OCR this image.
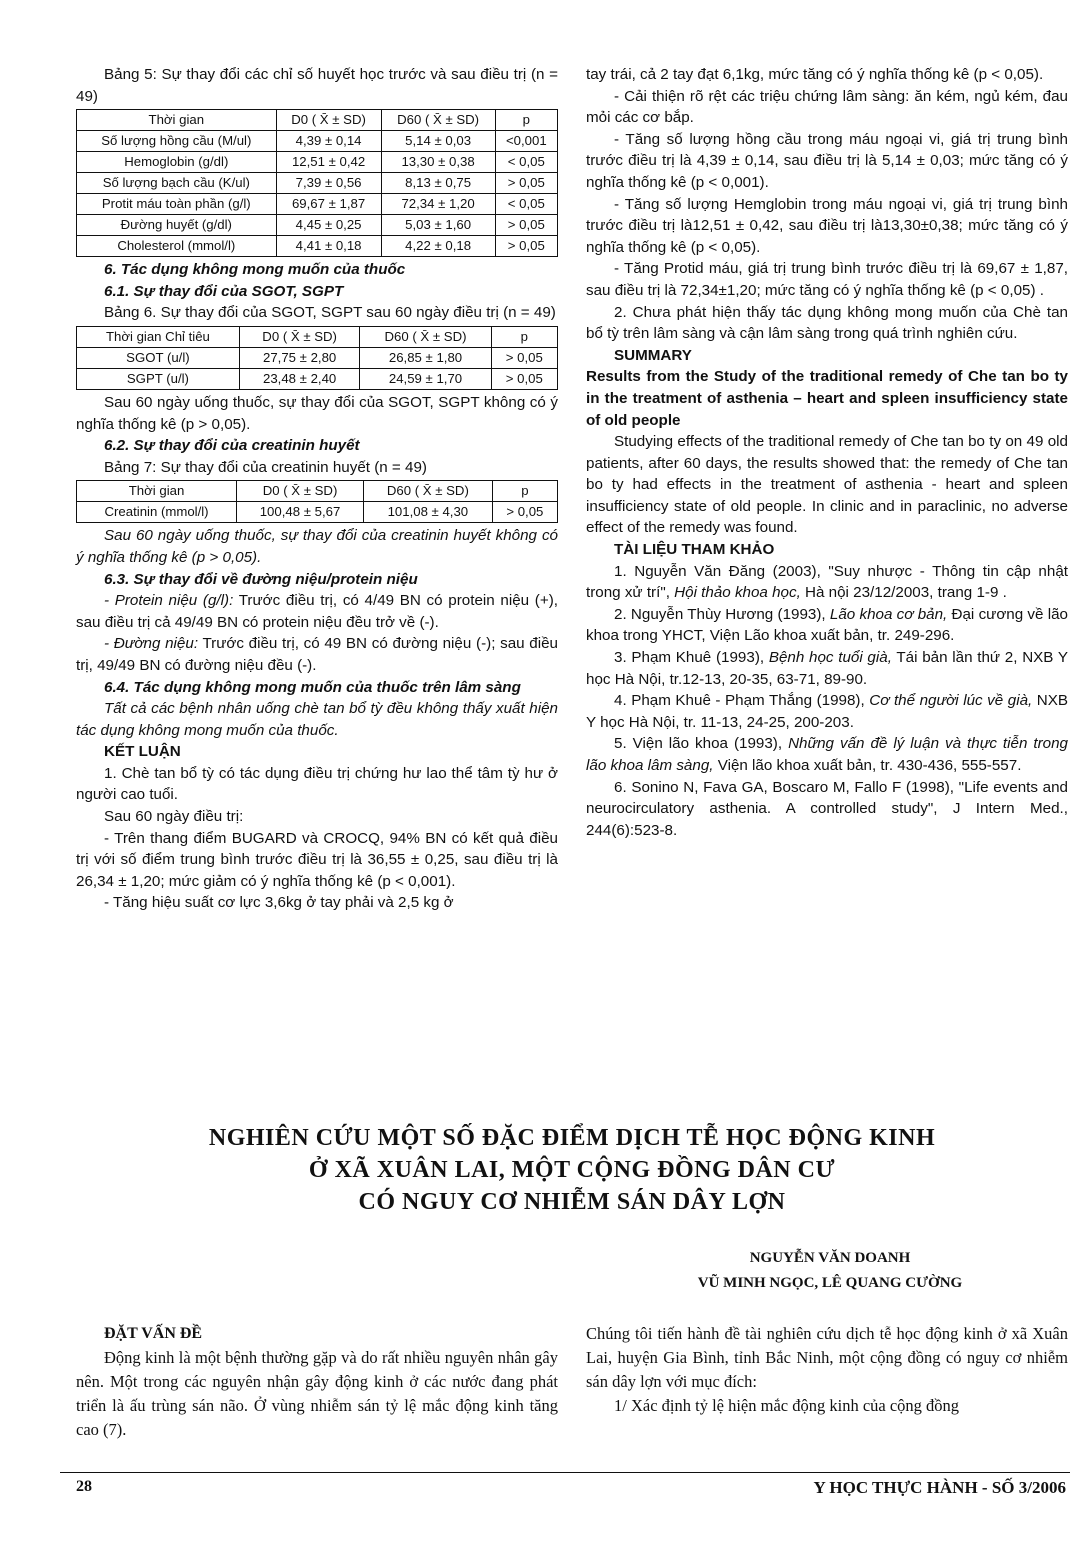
Bảng 5: Sự thay đổi các chỉ số huyết học trước và sau điều trị (n = 49)

Thời gian	D0 ( X̄ ± SD)	D60 ( X̄ ± SD)	p
Số lượng hồng cầu (M/ul)	4,39 ± 0,14	5,14 ± 0,03	<0,001
Hemoglobin (g/dl)	12,51 ± 0,42	13,30 ± 0,38	< 0,05
Số lượng bạch cầu (K/ul)	7,39 ± 0,56	8,13 ± 0,75	> 0,05
Protit máu toàn phần (g/l)	69,67 ± 1,87	72,34 ± 1,20	< 0,05
Đường huyết (g/dl)	4,45 ± 0,25	5,03 ± 1,60	> 0,05
Cholesterol (mmol/l)	4,41 ± 0,18	4,22 ± 0,18	> 0,05

6. Tác dụng không mong muốn của thuốc

6.1. Sự thay đổi của SGOT, SGPT

Bảng 6. Sự thay đổi của SGOT, SGPT sau 60 ngày điều trị (n = 49)

Thời gian Chỉ tiêu	D0 ( X̄ ± SD)	D60 ( X̄ ± SD)	p
SGOT (u/l)	27,75 ± 2,80	26,85 ± 1,80	> 0,05
SGPT (u/l)	23,48 ± 2,40	24,59 ± 1,70	> 0,05

Sau 60 ngày uống thuốc, sự thay đổi của SGOT, SGPT không có ý nghĩa thống kê (p > 0,05).

6.2. Sự thay đổi của creatinin huyết

Bảng 7: Sự thay đổi của creatinin huyết (n = 49)

Thời gian	D0 ( X̄ ± SD)	D60 ( X̄ ± SD)	p
Creatinin (mmol/l)	100,48 ± 5,67	101,08 ± 4,30	> 0,05

Sau 60 ngày uống thuốc, sự thay đổi của creatinin huyết không có ý nghĩa thống kê (p > 0,05).

6.3. Sự thay đổi về đường niệu/protein niệu

- Protein niệu (g/l): Trước điều trị, có 4/49 BN có protein niệu (+), sau điều trị cả 49/49 BN có protein niệu đều trở về (-).

- Đường niệu: Trước điều trị, có 49 BN có đường niệu (-); sau điều trị, 49/49 BN có đường niệu đều (-).

6.4. Tác dụng không mong muốn của thuốc trên lâm sàng

Tất cả các bệnh nhân uống chè tan bổ tỳ đều không thấy xuất hiện tác dụng không mong muốn của thuốc.

KẾT LUẬN

1. Chè tan bổ tỳ có tác dụng điều trị chứng hư lao thể tâm tỳ hư ở người cao tuổi.

Sau 60 ngày điều trị:

- Trên thang điểm BUGARD và CROCQ, 94% BN có kết quả điều trị với số điểm trung bình trước điều trị là 36,55 ± 0,25, sau điều trị là 26,34 ± 1,20; mức giảm có ý nghĩa thống kê (p < 0,001).

- Tăng hiệu suất cơ lực 3,6kg ở tay phải và 2,5 kg ở

tay trái, cả 2 tay đạt 6,1kg, mức tăng có ý nghĩa thống kê (p < 0,05).

- Cải thiện rõ rệt các triệu chứng lâm sàng: ăn kém, ngủ kém, đau mỏi các cơ bắp.

- Tăng số lượng hồng cầu trong máu ngoại vi, giá trị trung bình trước điều trị là 4,39 ± 0,14, sau điều trị là 5,14 ± 0,03; mức tăng có ý nghĩa thống kê (p < 0,001).

- Tăng số lượng Hemglobin trong máu ngoại vi, giá trị trung bình trước điều trị là12,51 ± 0,42, sau điều trị là13,30±0,38; mức tăng có ý nghĩa thống kê (p < 0,05).

- Tăng Protid máu, giá trị trung bình trước điều trị là 69,67 ± 1,87, sau điều trị là 72,34±1,20; mức tăng có ý nghĩa thống kê (p < 0,05) .

2. Chưa phát hiện thấy tác dụng không mong muốn của Chè tan bổ tỳ trên lâm sàng và cận lâm sàng trong quá trình nghiên cứu.

SUMMARY

Results from the Study of the traditional remedy of Che tan bo ty in the treatment of asthenia – heart and spleen insufficiency state of old people

Studying effects of the traditional remedy of Che tan bo ty on 49 old patients, after 60 days, the results showed that: the remedy of Che tan bo ty had effects in the treatment of asthenia - heart and spleen insufficiency state of old people. In clinic and in paraclinic, no adverse effect of the remedy was found.

TÀI LIỆU THAM KHẢO

1. Nguyễn Văn Đăng (2003), "Suy nhược - Thông tin cập nhật trong xử trí", Hội thảo khoa học, Hà nội 23/12/2003, trang 1-9 .

2. Nguyễn Thùy Hương (1993), Lão khoa cơ bản, Đại cương về lão khoa trong YHCT, Viện Lão khoa xuất bản, tr. 249-296.

3. Phạm Khuê (1993), Bệnh học tuổi già, Tái bản lần thứ 2, NXB Y học Hà Nội, tr.12-13, 20-35, 63-71, 89-90.

4. Phạm Khuê - Phạm Thắng (1998), Cơ thể người lúc về già, NXB Y học Hà Nội, tr. 11-13, 24-25, 200-203.

5. Viện lão khoa (1993), Những vấn đề lý luận và thực tiễn trong lão khoa lâm sàng, Viện lão khoa xuất bản, tr. 430-436, 555-557.

6. Sonino N, Fava GA, Boscaro M, Fallo F (1998), "Life events and neurocirculatory asthenia. A controlled study", J Intern Med., 244(6):523-8.

NGHIÊN CỨU MỘT SỐ ĐẶC ĐIỂM DỊCH TỄ HỌC ĐỘNG KINH
Ở XÃ XUÂN LAI, MỘT CỘNG ĐỒNG DÂN CƯ
CÓ NGUY CƠ NHIỄM SÁN DÂY LỢN
NGUYỄN VĂN DOANH
VŨ MINH NGỌC, LÊ QUANG CƯỜNG

ĐẶT VẤN ĐỀ

Động kinh là một bệnh thường gặp và do rất nhiều nguyên nhân gây nên. Một trong các nguyên nhận gây động kinh ở các nước đang phát triển là ấu trùng sán não. Ở vùng nhiễm sán tỷ lệ mắc động kinh tăng cao (7).

Chúng tôi tiến hành đề tài nghiên cứu dịch tễ học động kinh ở xã Xuân Lai, huyện Gia Bình, tỉnh Bắc Ninh, một cộng đồng có nguy cơ nhiễm sán dây lợn với mục đích:

1/ Xác định tỷ lệ hiện mắc động kinh của cộng đồng

28	Y HỌC THỰC HÀNH - SỐ 3/2006
